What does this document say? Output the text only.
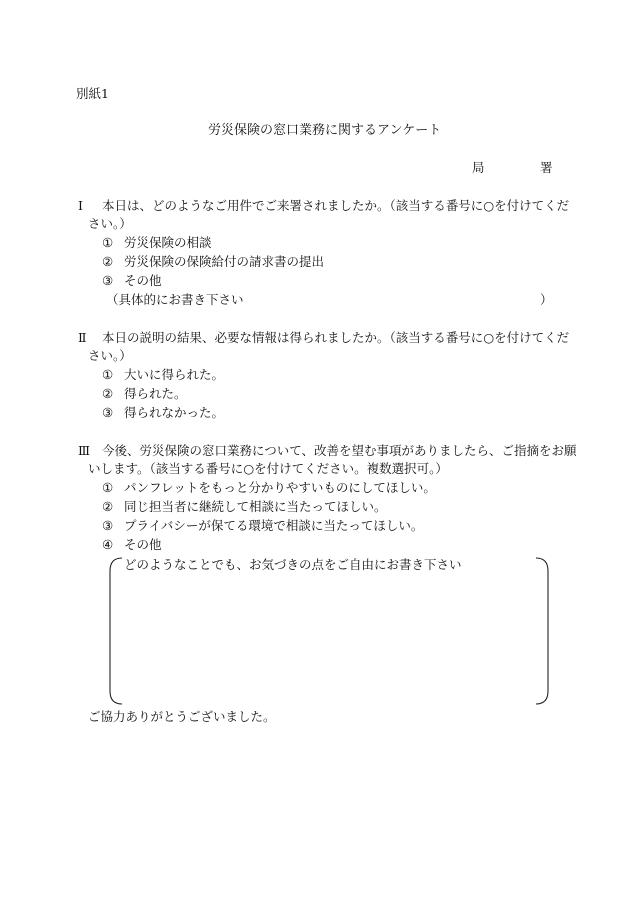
別紙1
労災保険の窓口業務に関するアンケート
局	署
Ⅰ 本日は、どのようなご用件でご来署されましたか。（該当する番号に○を付けてくだ
さい。）
① 労災保険の相談
② 労災保険の保険給付の請求書の提出
③ その他
（具体的にお書き下さい	）
Ⅱ 本日の説明の結果、必要な情報は得られましたか。（該当する番号に○を付けてくだ
さい。）
① 大いに得られた。
② 得られた。
③ 得られなかった。
Ⅲ 今後、労災保険の窓口業務について、改善を望む事項がありましたら、ご指摘をお願
いします。（該当する番号に○を付けてください。複数選択可。）
① パンフレットをもっと分かりやすいものにしてほしい。
② 同じ担当者に継続して相談に当たってほしい。
③ プライバシーが保てる環境で相談に当たってほしい。
④ その他
どのようなことでも、お気づきの点をご自由にお書き下さい
ご協力ありがとうございました。
